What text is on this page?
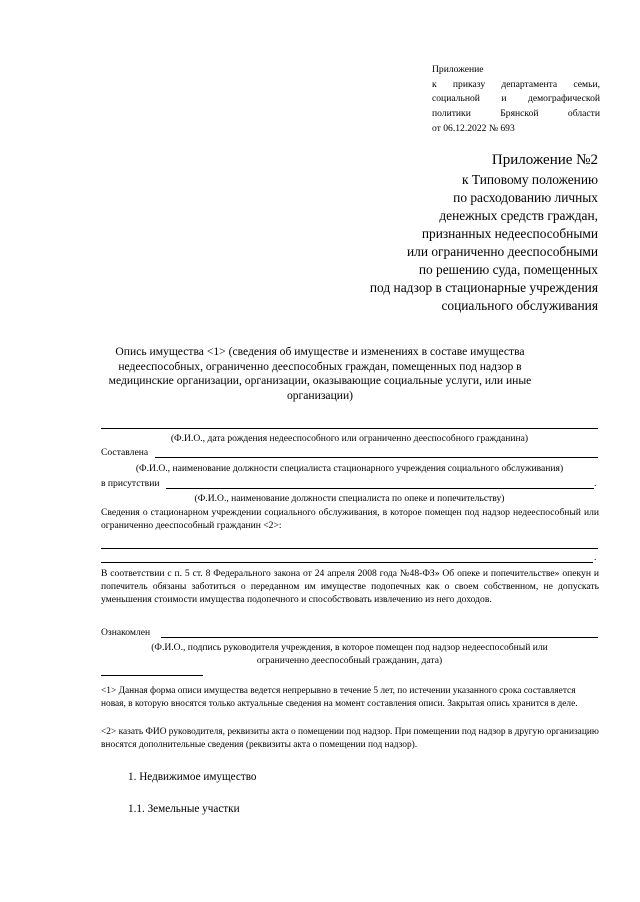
Приложение
к приказу департамента семьи,
социальной и демографической
политики Брянской области
от 06.12.2022 № 693
Приложение №2
к Типовому положению
по расходованию личных
денежных средств граждан,
признанных недееспособными
или ограниченно дееспособными
по решению суда, помещенных
под надзор в стационарные учреждения
социального обслуживания
Опись имущества <1> (сведения об имуществе и изменениях в составе имущества
недееспособных, ограниченно дееспособных граждан, помещенных под надзор в
медицинские организации, организации, оказывающие социальные услуги, или иные
организации)
(Ф.И.О., дата рождения недееспособного или ограниченно дееспособного гражданина)
Составлена
(Ф.И.О., наименование должности специалиста стационарного учреждения социального обслуживания)
в присутствии	.
(Ф.И.О., наименование должности специалиста по опеке и попечительству)
Сведения о стационарном учреждении социального обслуживания, в которое помещен под надзор недееспособный или ограниченно дееспособный гражданин <2>:
.
В соответствии с п. 5 ст. 8 Федерального закона от 24 апреля 2008 года №48-ФЗ» Об опеке и попечительстве» опекун и попечитель обязаны заботиться о переданном им имуществе подопечных как о своем собственном, не допускать уменьшения стоимости имущества подопечного и способствовать извлечению из него доходов.
Ознакомлен
(Ф.И.О., подпись руководителя учреждения, в которое помещен под надзор недееспособный или
ограниченно дееспособный гражданин, дата)
<1> Данная форма описи имущества ведется непрерывно в течение 5 лет, по истечении указанного срока составляется новая, в которую вносятся только актуальные сведения на момент составления описи. Закрытая опись хранится в деле.
<2> казать ФИО руководителя, реквизиты акта о помещении под надзор. При помещении под надзор в другую организацию вносятся дополнительные сведения (реквизиты акта о помещении под надзор).
1. Недвижимое имущество
1.1. Земельные участки
